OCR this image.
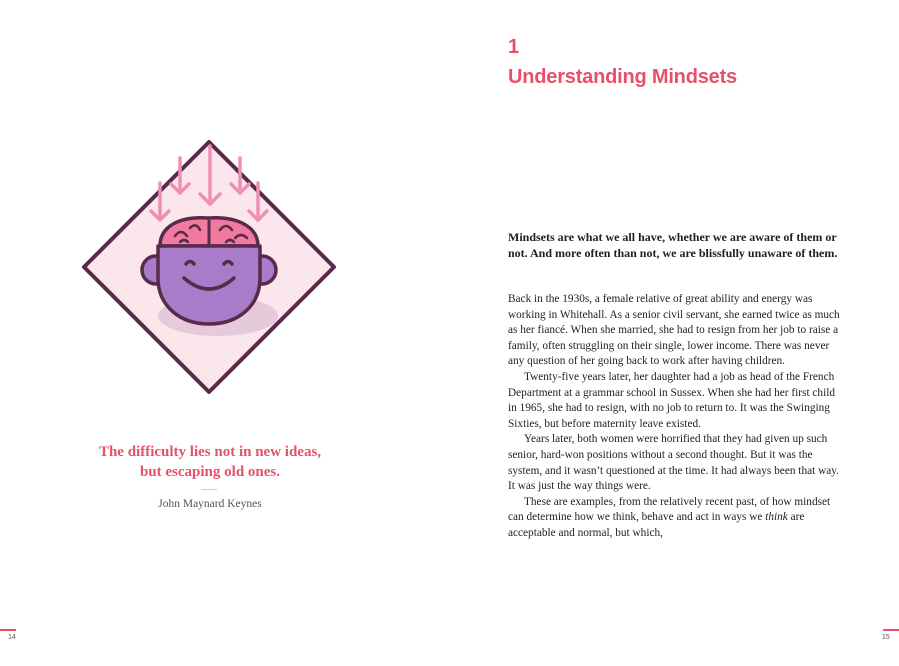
The difficulty lies not in new ideas,
but escaping old ones.
John Maynard Keynes
14
1
Understanding Mindsets
Mindsets are what we all have, whether we are aware of them or not. And more often than not, we are blissfully unaware of them.

Back in the 1930s, a female relative of great ability and energy was working in Whitehall. As a senior civil servant, she earned twice as much as her fiancé. When she married, she had to resign from her job to raise a family, often struggling on their single, lower income. There was never any question of her going back to work after having children.

Twenty-five years later, her daughter had a job as head of the French Department at a grammar school in Sussex. When she had her first child in 1965, she had to resign, with no job to return to. It was the Swinging Sixties, but before maternity leave existed.

Years later, both women were horrified that they had given up such senior, hard-won positions without a second thought. But it was the system, and it wasn’t questioned at the time. It had always been that way. It was just the way things were.

These are examples, from the relatively recent past, of how mindset can determine how we think, behave and act in ways we think are acceptable and normal, but which,

15
